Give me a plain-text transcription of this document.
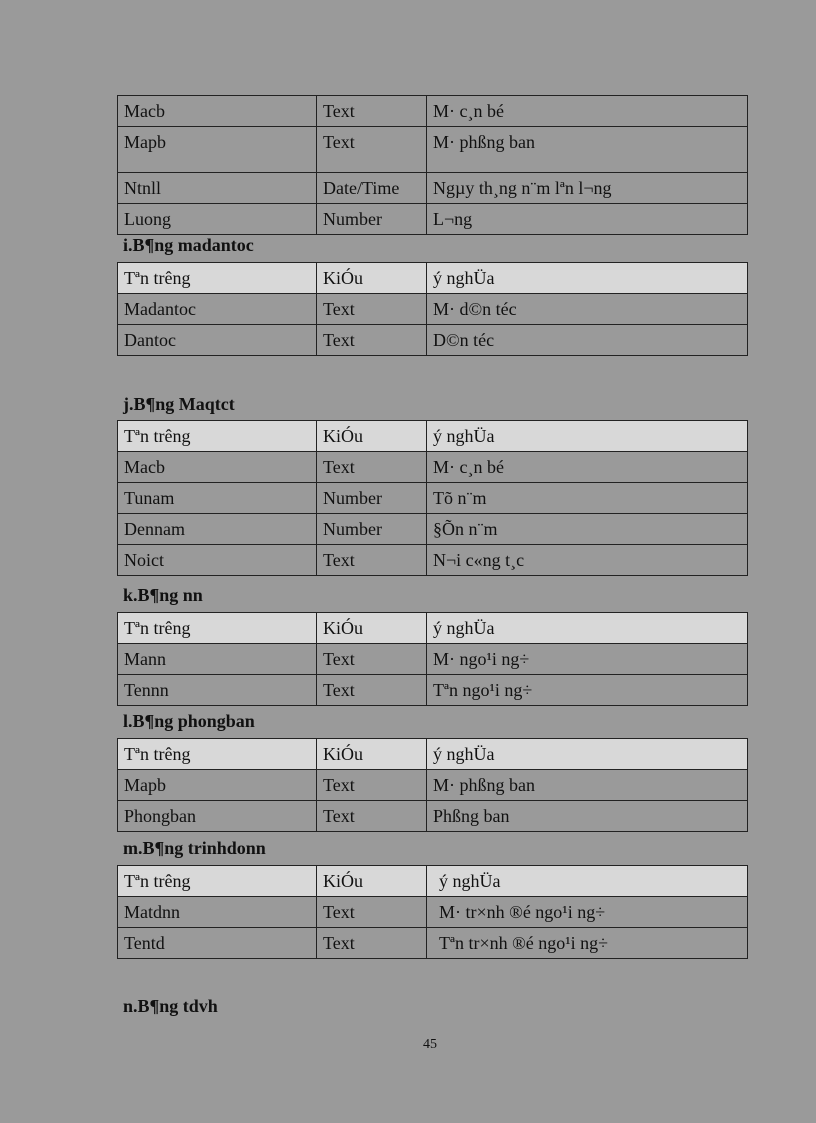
Macb	Text	M· c¸n bé
Mapb	Text	M· phßng ban
Ntnll	Date/Time	Ngµy th¸ng n¨m lªn l¬ng
Luong	Number	L¬ng
i.B¶ng madantoc
Tªn trêng	KiÓu	ý nghÜa
Madantoc	Text	M· d©n téc
Dantoc	Text	D©n téc
j.B¶ng Maqtct
Tªn trêng	KiÓu	ý nghÜa
Macb	Text	M· c¸n bé
Tunam	Number	Tõ n¨m
Dennam	Number	§Õn n¨m
Noict	Text	N¬i c«ng t¸c
k.B¶ng nn
Tªn trêng	KiÓu	ý nghÜa
Mann	Text	M· ngo¹i ng÷
Tennn	Text	Tªn ngo¹i ng÷
l.B¶ng phongban
Tªn trêng	KiÓu	ý nghÜa
Mapb	Text	M· phßng ban
Phongban	Text	Phßng ban
m.B¶ng trinhdonn
Tªn trêng	KiÓu	ý nghÜa
Matdnn	Text	M· tr×nh ®é ngo¹i ng÷
Tentd	Text	Tªn tr×nh ®é ngo¹i ng÷
n.B¶ng tdvh
45
